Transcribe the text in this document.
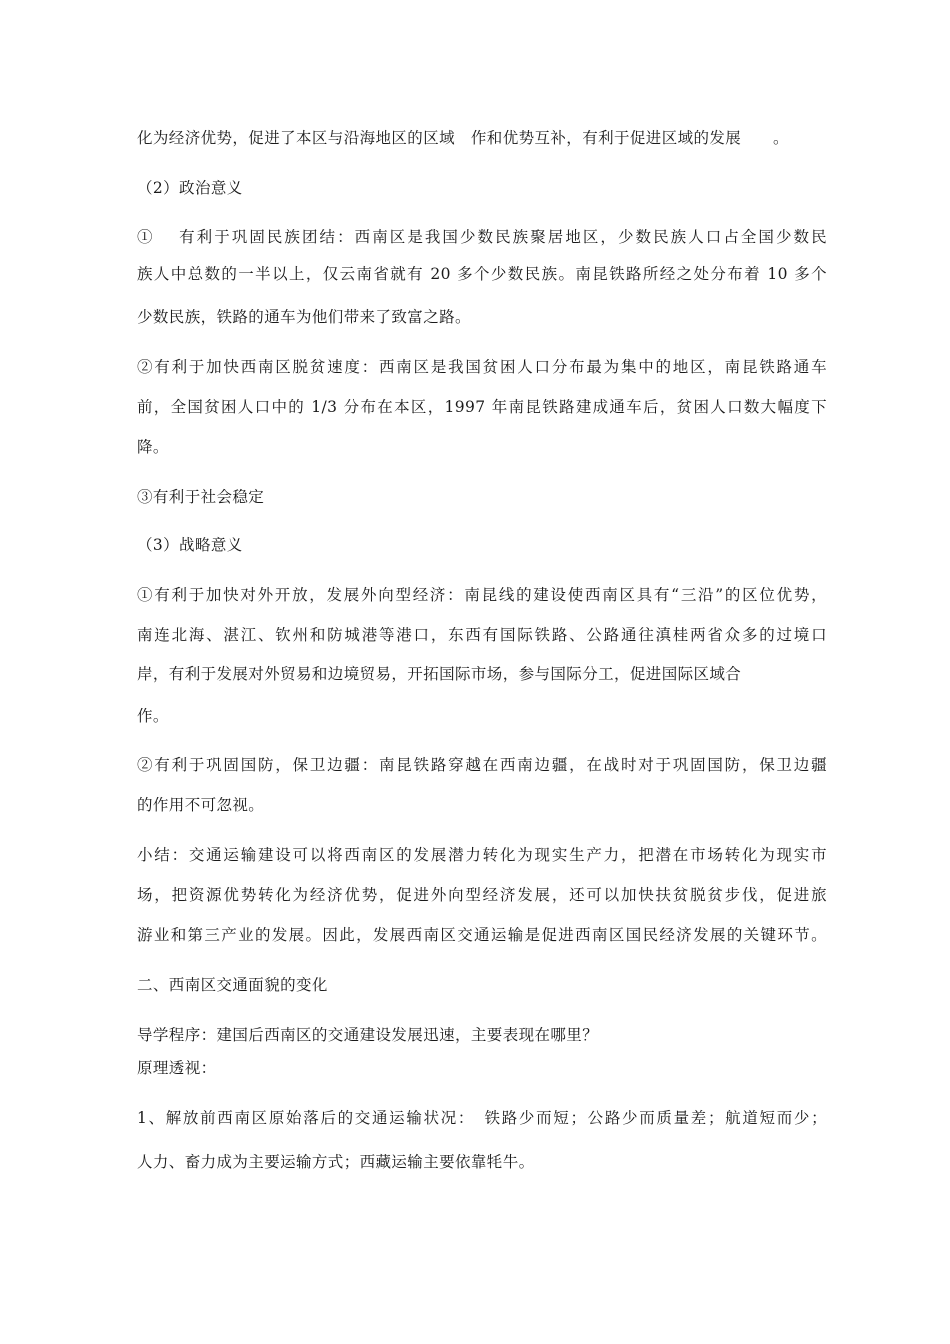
化为经济优势，促进了本区与沿海地区的区域　作和优势互补，有利于促进区域的发展　　。
（2）政治意义
①　 有利于巩固民族团结：西南区是我国少数民族聚居地区，少数民族人口占全国少数民
族人中总数的一半以上，仅云南省就有 20 多个少数民族。南昆铁路所经之处分布着 10 多个
少数民族，铁路的通车为他们带来了致富之路。
②有利于加快西南区脱贫速度：西南区是我国贫困人口分布最为集中的地区，南昆铁路通车
前，全国贫困人口中的 1/3 分布在本区，1997 年南昆铁路建成通车后，贫困人口数大幅度下
降。
③有利于社会稳定
（3）战略意义
①有利于加快对外开放，发展外向型经济：南昆线的建设使西南区具有“三沿”的区位优势，
南连北海、湛江、钦州和防城港等港口，东西有国际铁路、公路通往滇桂两省众多的过境口
岸，有利于发展对外贸易和边境贸易，开拓国际市场，参与国际分工，促进国际区域合
作。
②有利于巩固国防，保卫边疆：南昆铁路穿越在西南边疆，在战时对于巩固国防，保卫边疆
的作用不可忽视。
小结：交通运输建设可以将西南区的发展潜力转化为现实生产力，把潜在市场转化为现实市
场，把资源优势转化为经济优势，促进外向型经济发展，还可以加快扶贫脱贫步伐，促进旅
游业和第三产业的发展。因此，发展西南区交通运输是促进西南区国民经济发展的关键环节。
二、西南区交通面貌的变化
导学程序：建国后西南区的交通建设发展迅速，主要表现在哪里？
原理透视：
1、解放前西南区原始落后的交通运输状况：　铁路少而短；公路少而质量差；航道短而少；
人力、畜力成为主要运输方式；西藏运输主要依靠牦牛。
